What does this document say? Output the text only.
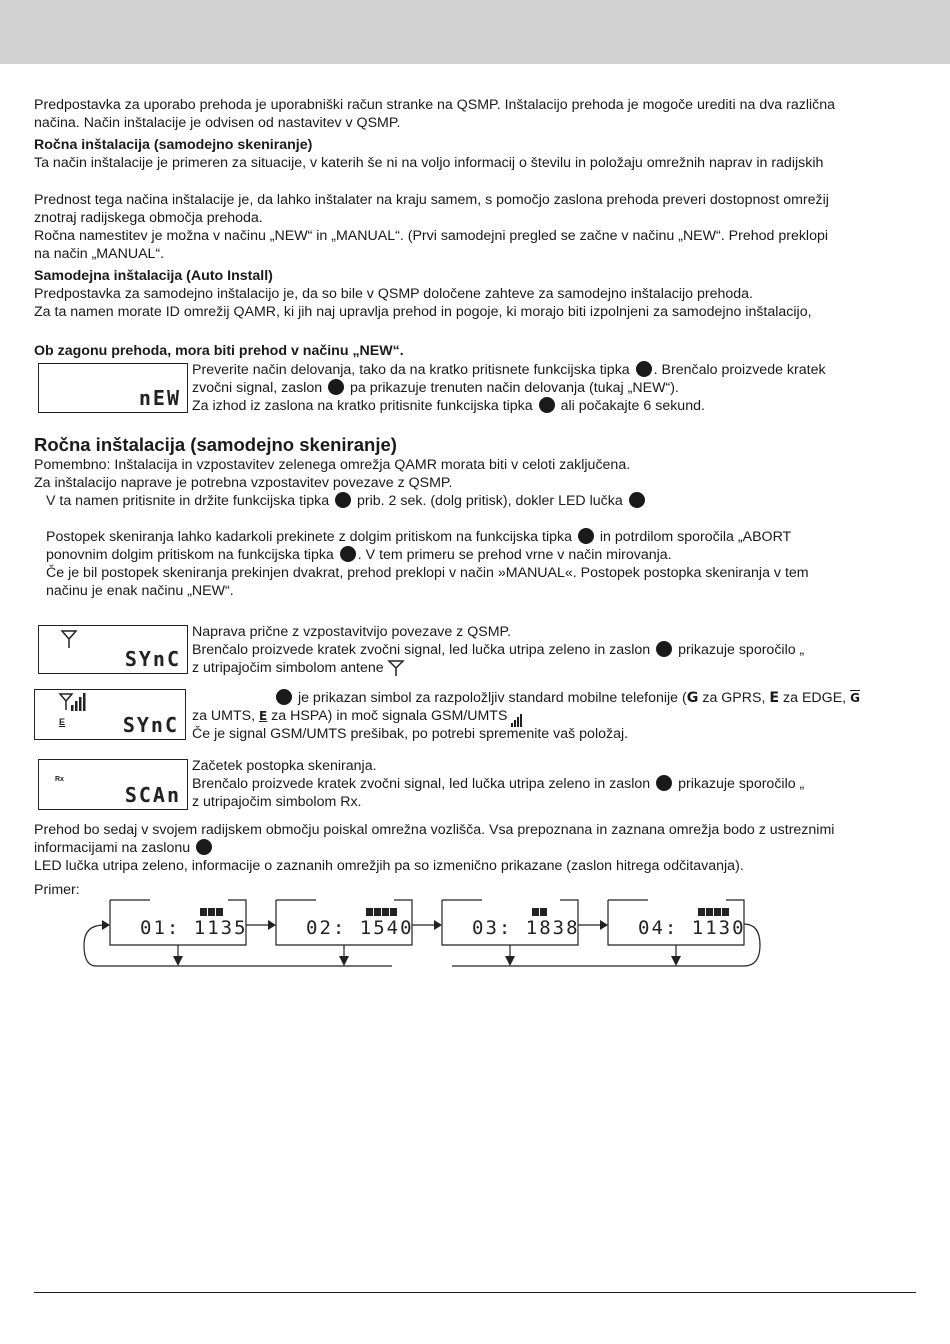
Predpostavka za uporabo prehoda je uporabniški račun stranke na QSMP. Inštalacijo prehoda je mogoče urediti na dva različna
načina. Način inštalacije je odvisen od nastavitev v QSMP.
Ročna inštalacija (samodejno skeniranje)
Ta način inštalacije je primeren za situacije, v katerih še ni na voljo informacij o številu in položaju omrežnih naprav in radijskih
Prednost tega načina inštalacije je, da lahko inštalater na kraju samem, s pomočjo zaslona prehoda preveri dostopnost omrežij
znotraj radijskega območja prehoda.
Ročna namestitev je možna v načinu „NEW“ in „MANUAL“. (Prvi samodejni pregled se začne v načinu „NEW“. Prehod preklopi
na način „MANUAL“.
Samodejna inštalacija (Auto Install)
Predpostavka za samodejno inštalacijo je, da so bile v QSMP določene zahteve za samodejno inštalacijo prehoda.
Za ta namen morate ID omrežij QAMR, ki jih naj upravlja prehod in pogoje, ki morajo biti izpolnjeni za samodejno inštalacijo,
Ob zagonu prehoda, mora biti prehod v načinu „NEW“.
nEW
Preverite način delovanja, tako da na kratko pritisnete funkcijska tipka . Brenčalo proizvede kratek
zvočni signal, zaslon pa prikazuje trenuten način delovanja (tukaj „NEW“).
Za izhod iz zaslona na kratko pritisnite funkcijska tipka ali počakajte 6 sekund.
Ročna inštalacija (samodejno skeniranje)
Pomembno: Inštalacija in vzpostavitev zelenega omrežja QAMR morata biti v celoti zaključena.
Za inštalacijo naprave je potrebna vzpostavitev povezave z QSMP.
V ta namen pritisnite in držite funkcijska tipka prib. 2 sek. (dolg pritisk), dokler LED lučka
Postopek skeniranja lahko kadarkoli prekinete z dolgim pritiskom na funkcijska tipka in potrdilom sporočila „ABORT
ponovnim dolgim pritiskom na funkcijska tipka . V tem primeru se prehod vrne v način mirovanja.
Če je bil postopek skeniranja prekinjen dvakrat, prehod preklopi v način »MANUAL«. Postopek postopka skeniranja v tem
načinu je enak načinu „NEW“.
SYnC
Naprava prične z vzpostavitvijo povezave z QSMP.
Brenčalo proizvede kratek zvočni signal, led lučka utripa zeleno in zaslon prikazuje sporočilo „
z utripajočim simbolom antene
E	SYnC
je prikazan simbol za razpoložljiv standard mobilne telefonije (G za GPRS, E za EDGE, $\overline{G}$
za UMTS, E za HSPA) in moč signala GSM/UMTS
Če je signal GSM/UMTS prešibak, po potrebi spremenite vaš položaj.
Rx
SCAn
Začetek postopka skeniranja.
Brenčalo proizvede kratek zvočni signal, led lučka utripa zeleno in zaslon prikazuje sporočilo „
z utripajočim simbolom Rx.
Prehod bo sedaj v svojem radijskem območju poiskal omrežna vozlišča. Vsa prepoznana in zaznana omrežja bodo z ustreznimi
informacijami na zaslonu
LED lučka utripa zeleno, informacije o zaznanih omrežjih pa so izmenično prikazane (zaslon hitrega odčitavanja).
Primer:
01: 1135	02: 1540	03: 1838	04: 1130
